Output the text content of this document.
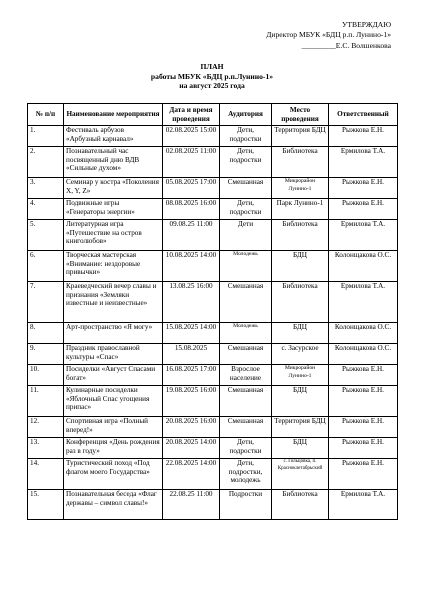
УТВЕРЖДАЮ
Директор МБУК «БДЦ р.п. Лунино-1»
_________Е.С. Волшенкова
ПЛАН
работы МБУК «БДЦ р.п.Лунино-1»
на август 2025 года
№ п/п	Наименование мероприятия	Дата и время проведения	Аудитория	Место проведения	Ответственный
1.	Фестиваль арбузов «Арбузный карнавал»	02.08.2025 15:00	Дети, подростки	Территория БДЦ	Рыжкова Е.Н.
2.	Познавательный час посвященный дню ВДВ «Сильные духом»	02.08.2025 11:00	Дети, подростки	Библиотека	Ермилова Т.А.
3.	Семинар у костра «Поколения X, Y, Z»	05.08.2025 17:00	Смешанная	Микрорайон Лунино-1	Рыжкова Е.Н.
4.	Подвижные игры «Генераторы энергии»	08.08.2025 16:00	Дети, подростки	Парк Лунино-1	Рыжкова Е.Н.
5.	Литературная игра «Путешествие на остров книголюбов»	09.08.25 11:00	Дети	Библиотека	Ермилова Т.А.
6.	Творческая мастерская «Внимание: нездоровые привычки»	10.08.2025 14:00	Молодежь	БДЦ	Колонщакова О.С.
7.	Краеведческий вечер славы и признания «Земляки известные и неизвестные»	13.08.25 16:00	Смешанная	Библиотека	Ермилова Т.А.
8.	Арт-пространство «Я могу»	15.08.2025 14:00	Молодежь	БДЦ	Колонщакова О.С.
9.	Праздник православной культуры «Спас»	15.08.2025	Смешанная	с. Засурское	Колонщакова О.С.
10.	Посиделки «Август Спасами богат»	16.08.2025 17:00	Взрослое население	Микрорайон Лунино-1	Рыжкова Е.Н.
11.	Кулинарные посиделки «Яблочный Спас угощения припас»	19.08.2025 16:00	Смешанная	БДЦ	Рыжкова Е.Н.
12.	Спортивная игра «Полный вперед!»	20.08.2025 16:00	Смешанная	Территория БДЦ	Рыжкова Е.Н.
13.	Конференция «День рождения раз в году»	20.08.2025 14:00	Дети, подростки	БДЦ	Рыжкова Е.Н.
14.	Туристический поход «Под флагом моего Государства»	22.08.2025 14:00	Дети, подростки, молодежь	с. Гольцовка, п. Красноклетабрьский	Рыжкова Е.Н.
15.	Познавательная беседа «Флаг державы – символ славы!»	22.08.25 11:00	Подростки	Библиотека	Ермилова Т.А.
